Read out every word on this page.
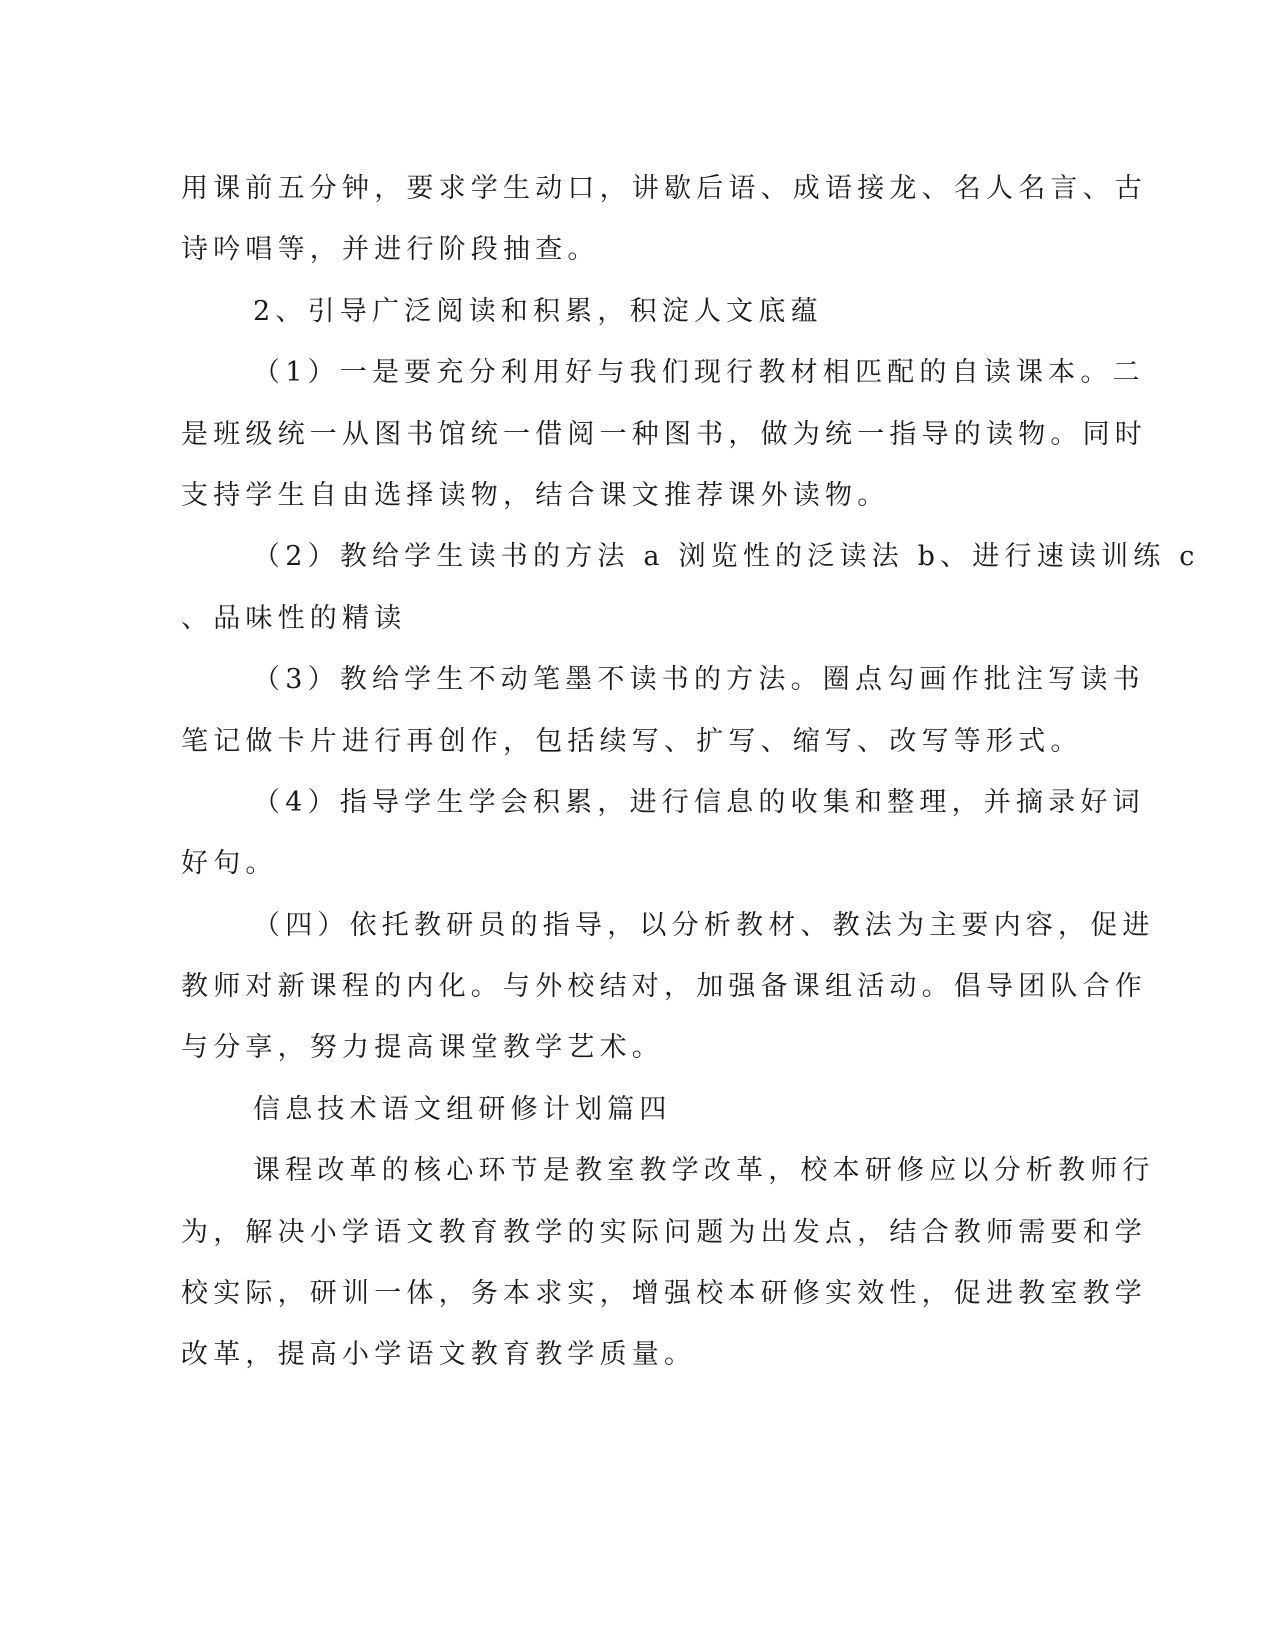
用课前五分钟，要求学生动口，讲歇后语、成语接龙、名人名言、古
诗吟唱等，并进行阶段抽查。
2、引导广泛阅读和积累，积淀人文底蕴
（1）一是要充分利用好与我们现行教材相匹配的自读课本。二
是班级统一从图书馆统一借阅一种图书，做为统一指导的读物。同时
支持学生自由选择读物，结合课文推荐课外读物。
（2）教给学生读书的方法 a 浏览性的泛读法 b、进行速读训练 c
、品味性的精读
（3）教给学生不动笔墨不读书的方法。圈点勾画作批注写读书
笔记做卡片进行再创作，包括续写、扩写、缩写、改写等形式。
（4）指导学生学会积累，进行信息的收集和整理，并摘录好词
好句。
（四）依托教研员的指导，以分析教材、教法为主要内容，促进
教师对新课程的内化。与外校结对，加强备课组活动。倡导团队合作
与分享，努力提高课堂教学艺术。
信息技术语文组研修计划篇四
课程改革的核心环节是教室教学改革，校本研修应以分析教师行
为，解决小学语文教育教学的实际问题为出发点，结合教师需要和学
校实际，研训一体，务本求实，增强校本研修实效性，促进教室教学
改革，提高小学语文教育教学质量。
